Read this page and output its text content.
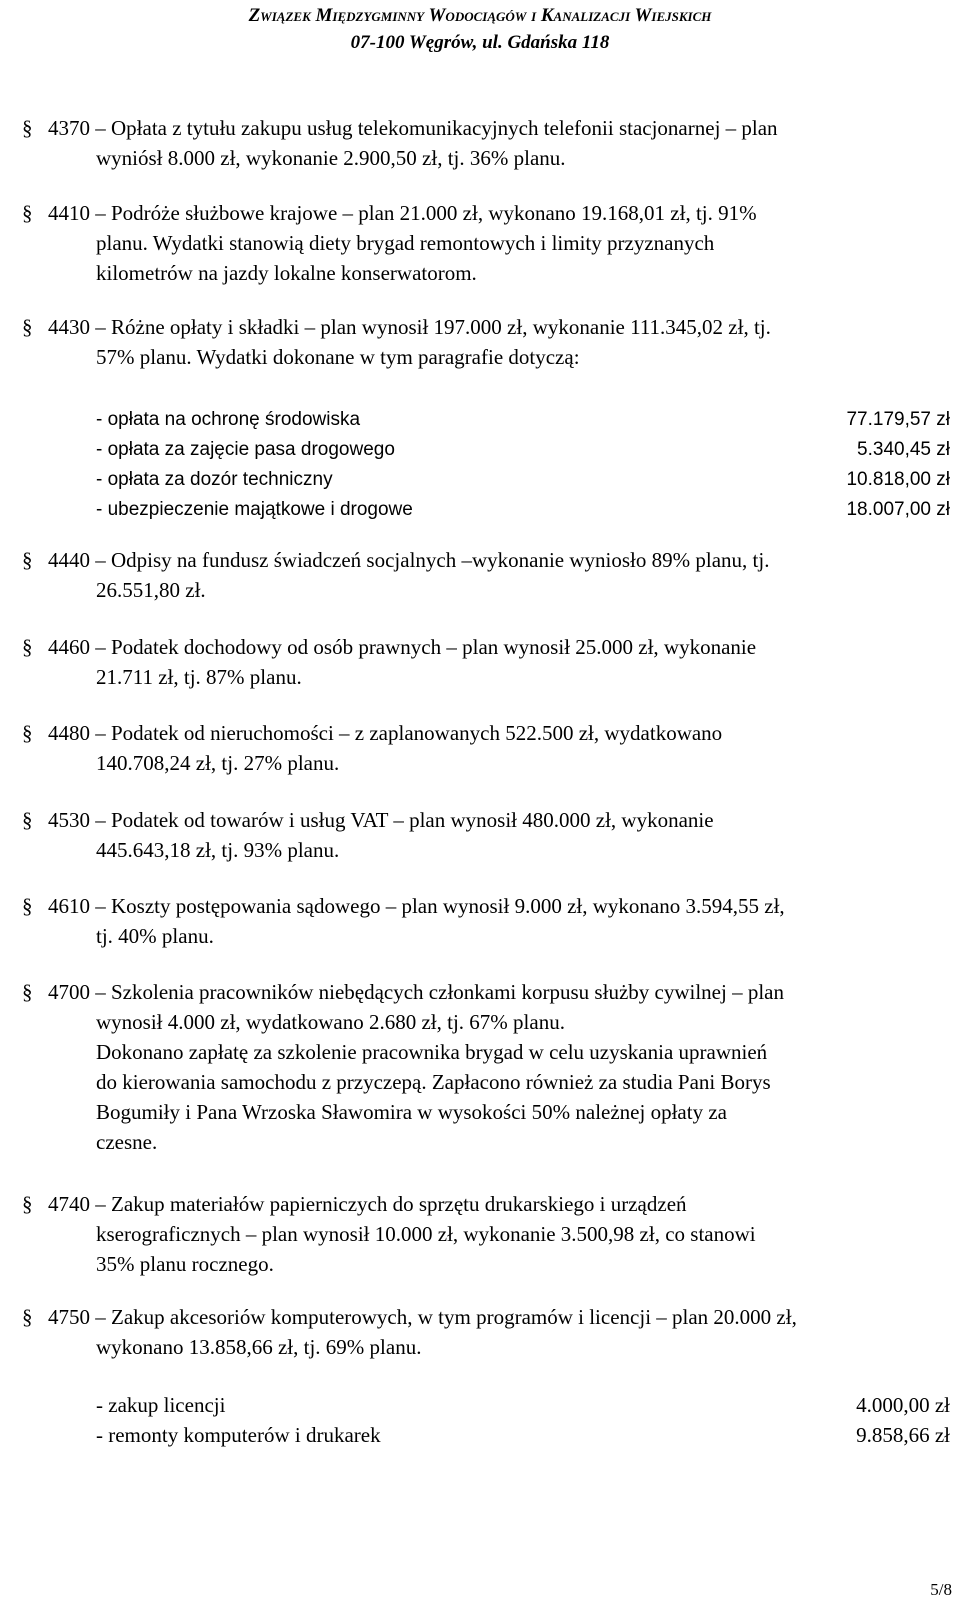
Związek Międzygminny Wodociągów i Kanalizacji Wiejskich
07-100 Węgrów, ul. Gdańska 118
§ 4370 – Opłata z tytułu zakupu usług telekomunikacyjnych telefonii stacjonarnej – plan
wyniósł 8.000 zł, wykonanie 2.900,50 zł, tj. 36% planu.
§ 4410 – Podróże służbowe krajowe – plan 21.000 zł, wykonano 19.168,01 zł, tj. 91%
planu. Wydatki stanowią diety brygad remontowych i limity przyznanych
kilometrów na jazdy lokalne konserwatorom.
§ 4430 – Różne opłaty i składki – plan wynosił 197.000 zł, wykonanie 111.345,02 zł, tj.
57% planu. Wydatki dokonane w tym paragrafie dotyczą:
§ 4440 – Odpisy na fundusz świadczeń socjalnych –wykonanie wyniosło 89% planu, tj.
26.551,80 zł.
§ 4460 – Podatek dochodowy od osób prawnych – plan wynosił 25.000 zł, wykonanie
21.711 zł, tj. 87% planu.
§ 4480 – Podatek od nieruchomości – z zaplanowanych 522.500 zł, wydatkowano
140.708,24 zł, tj. 27% planu.
§ 4530 – Podatek od towarów i usług VAT – plan wynosił 480.000 zł, wykonanie
445.643,18 zł, tj. 93% planu.
§ 4610 – Koszty postępowania sądowego – plan wynosił 9.000 zł, wykonano 3.594,55 zł,
tj. 40% planu.
§ 4700 – Szkolenia pracowników niebędących członkami korpusu służby cywilnej – plan
wynosił 4.000 zł, wydatkowano 2.680 zł, tj. 67% planu.
Dokonano zapłatę za szkolenie pracownika brygad w celu uzyskania uprawnień
do kierowania samochodu z przyczepą. Zapłacono również za studia Pani Borys
Bogumiły i Pana Wrzoska Sławomira w wysokości 50% należnej opłaty za
czesne.
§ 4740 – Zakup materiałów papierniczych do sprzętu drukarskiego i urządzeń
kserograficznych – plan wynosił 10.000 zł, wykonanie 3.500,98 zł, co stanowi
35% planu rocznego.
§ 4750 – Zakup akcesoriów komputerowych, w tym programów i licencji – plan 20.000 zł,
wykonano 13.858,66 zł, tj. 69% planu.
- opłata na ochronę środowiska	77.179,57 zł
- opłata za zajęcie pasa drogowego	5.340,45 zł
- opłata za dozór techniczny	10.818,00 zł
- ubezpieczenie majątkowe i drogowe	18.007,00 zł
- zakup licencji	4.000,00 zł
- remonty komputerów i drukarek	9.858,66 zł
5/8
